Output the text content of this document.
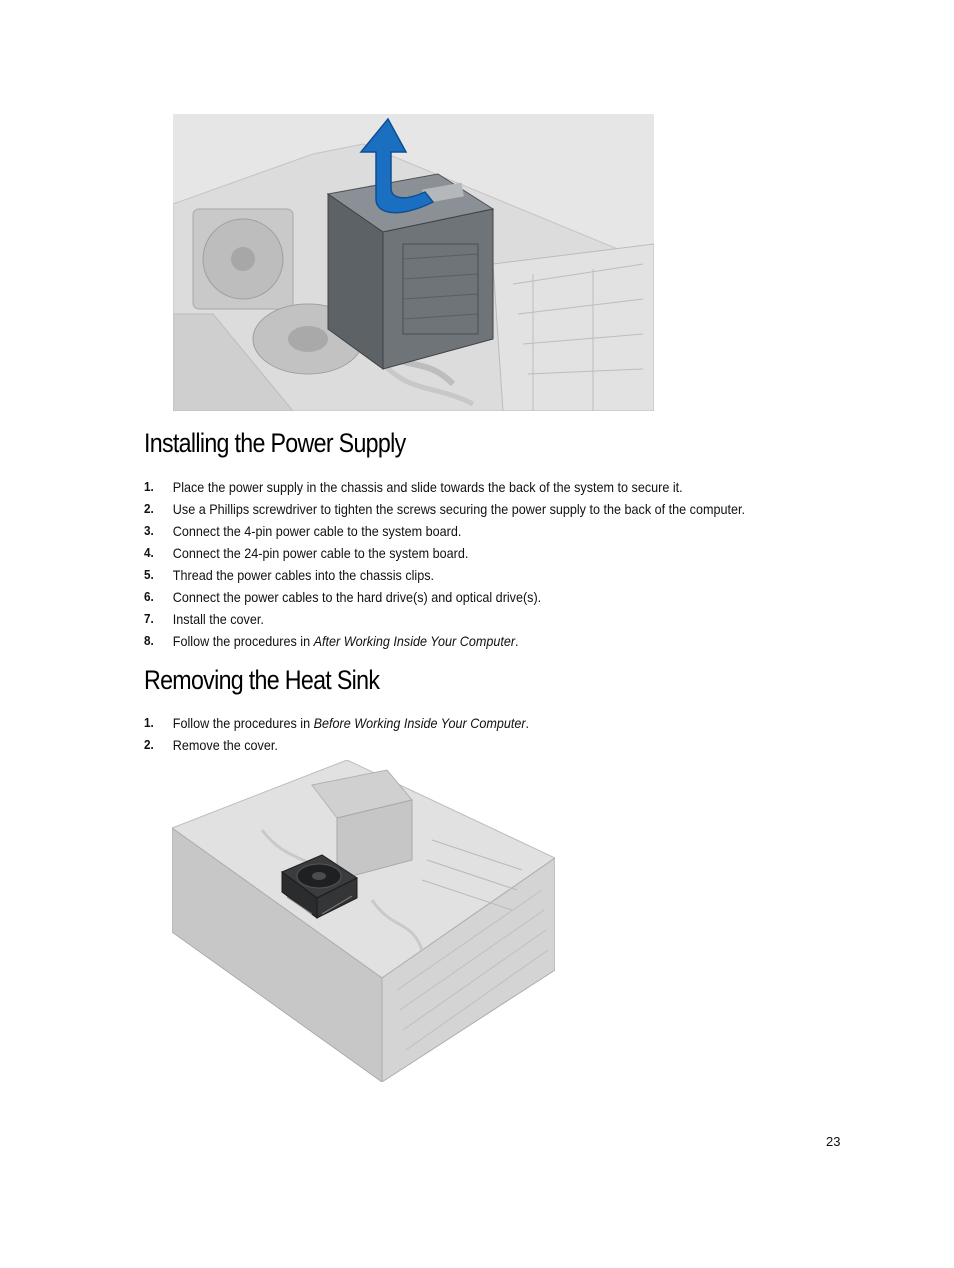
Installing the Power Supply
1. Place the power supply in the chassis and slide towards the back of the system to secure it.
2. Use a Phillips screwdriver to tighten the screws securing the power supply to the back of the computer.
3. Connect the 4-pin power cable to the system board.
4. Connect the 24-pin power cable to the system board.
5. Thread the power cables into the chassis clips.
6. Connect the power cables to the hard drive(s) and optical drive(s).
7. Install the cover.
8. Follow the procedures in After Working Inside Your Computer.
Removing the Heat Sink
1. Follow the procedures in Before Working Inside Your Computer.
2. Remove the cover.
23
